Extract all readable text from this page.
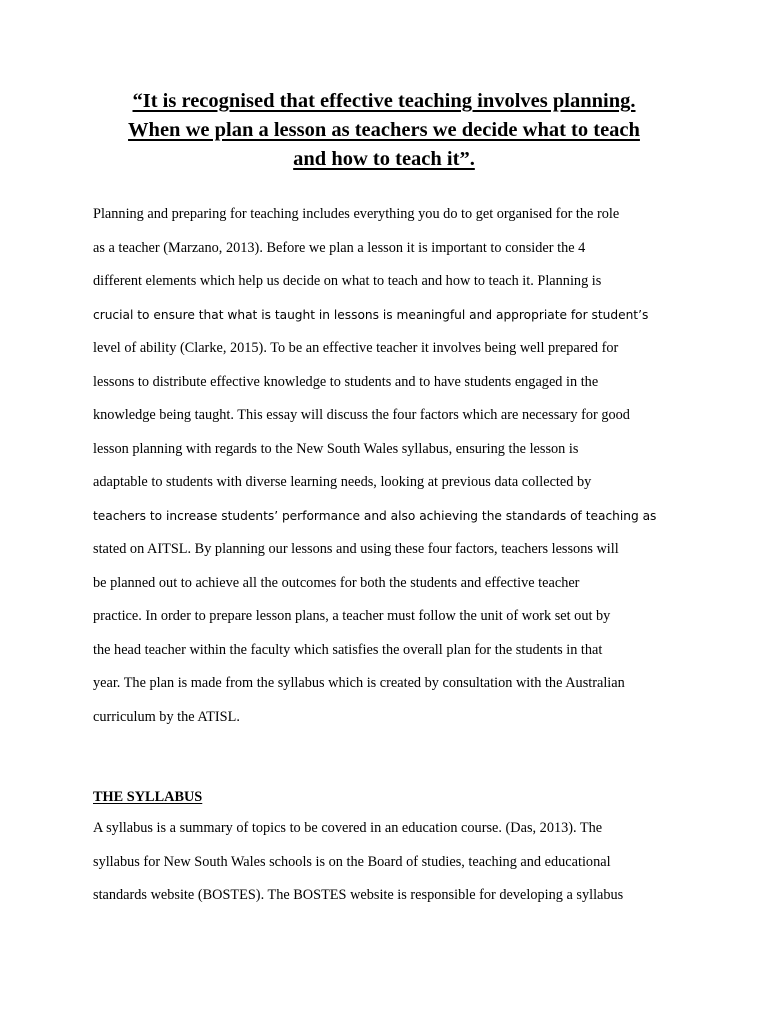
“It is recognised that effective teaching involves planning.
When we plan a lesson as teachers we decide what to teach
and how to teach it”.
Planning and preparing for teaching includes everything you do to get organised for the role
as a teacher (Marzano, 2013). Before we plan a lesson it is important to consider the 4
different elements which help us decide on what to teach and how to teach it. Planning is
crucial to ensure that what is taught in lessons is meaningful and appropriate for student’s
level of ability (Clarke, 2015). To be an effective teacher it involves being well prepared for
lessons to distribute effective knowledge to students and to have students engaged in the
knowledge being taught. This essay will discuss the four factors which are necessary for good
lesson planning with regards to the New South Wales syllabus, ensuring the lesson is
adaptable to students with diverse learning needs, looking at previous data collected by
teachers to increase students’ performance and also achieving the standards of teaching as
stated on AITSL. By planning our lessons and using these four factors, teachers lessons will
be planned out to achieve all the outcomes for both the students and effective teacher
practice. In order to prepare lesson plans, a teacher must follow the unit of work set out by
the head teacher within the faculty which satisfies the overall plan for the students in that
year. The plan is made from the syllabus which is created by consultation with the Australian
curriculum by the ATISL.
THE SYLLABUS
A syllabus is a summary of topics to be covered in an education course. (Das, 2013). The
syllabus for New South Wales schools is on the Board of studies, teaching and educational
standards website (BOSTES). The BOSTES website is responsible for developing a syllabus
